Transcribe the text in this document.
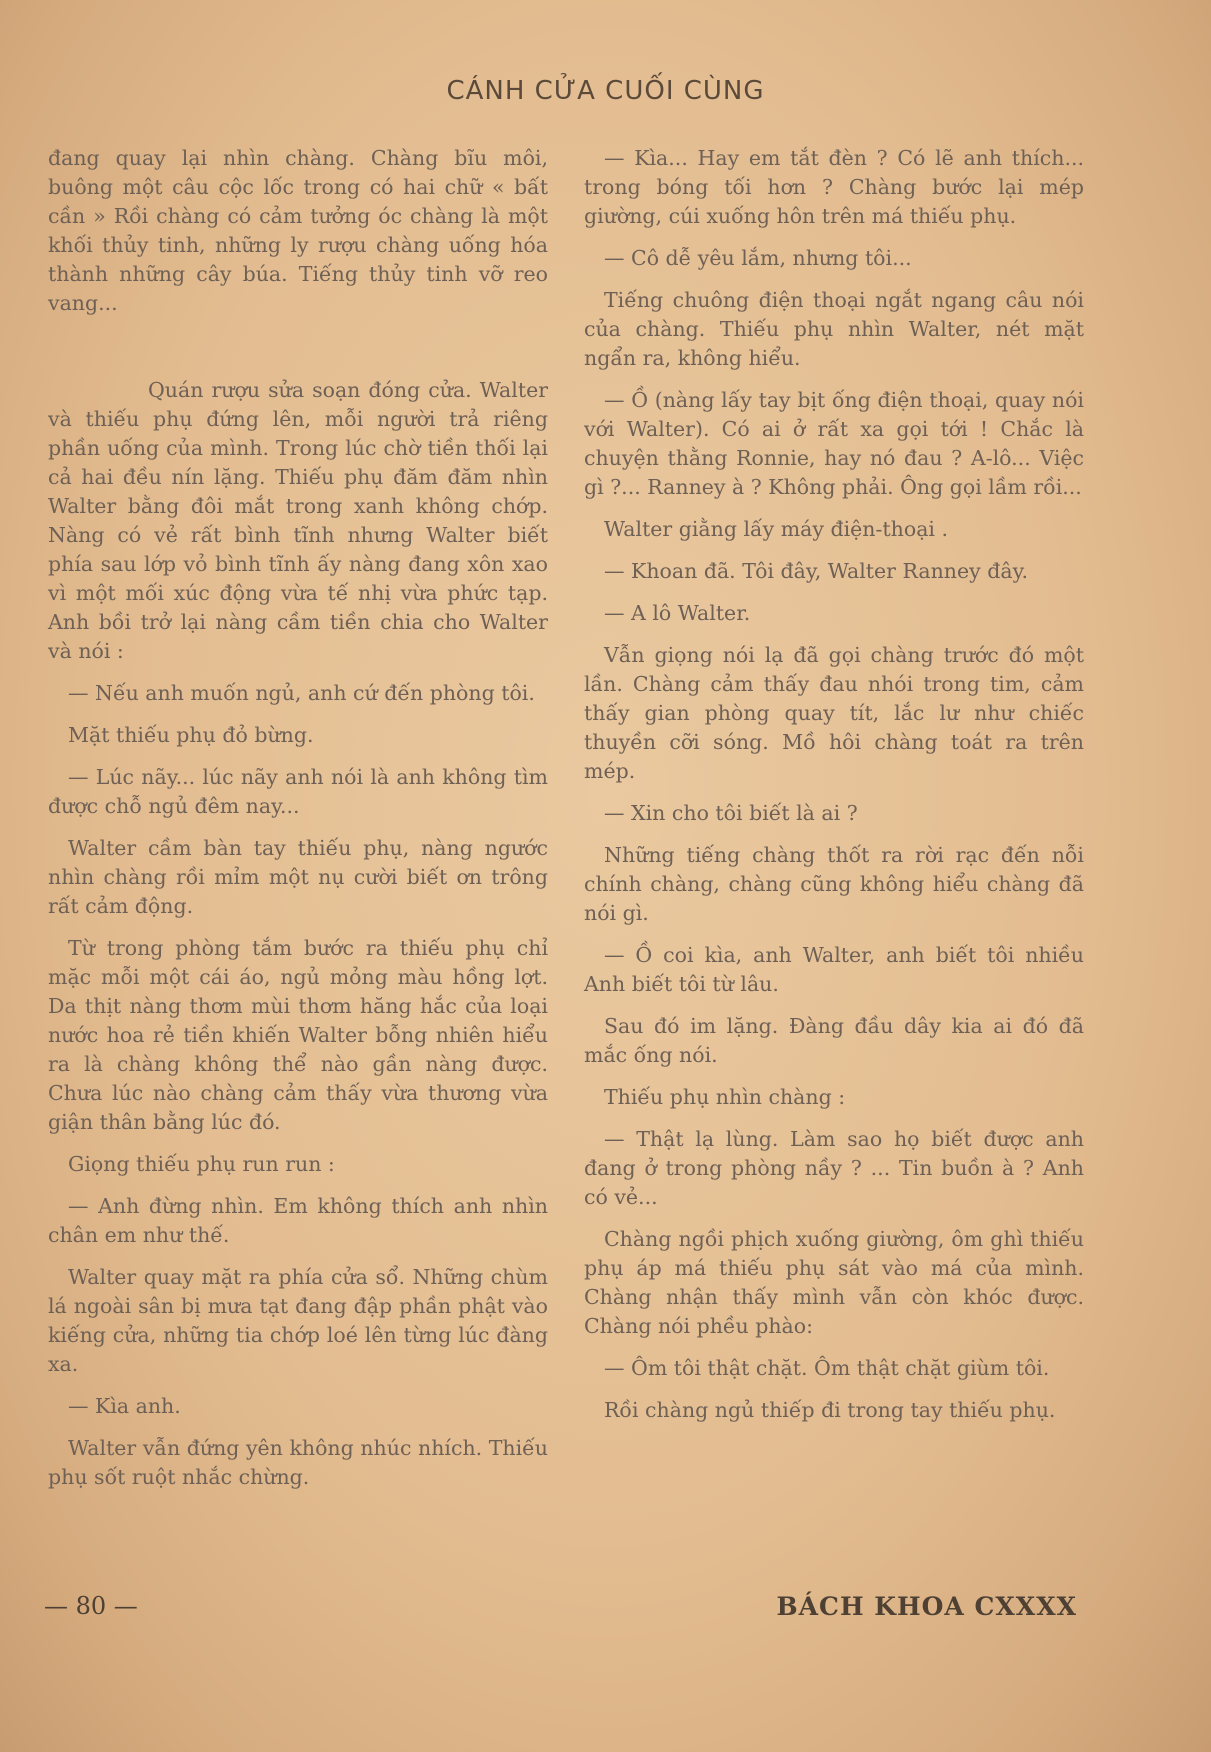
CÁNH CỬA CUỐI CÙNG

đang quay lại nhìn chàng. Chàng bĩu môi, buông một câu cộc lốc trong có hai chữ « bất cần » Rồi chàng có cảm tưởng óc chàng là một khối thủy tinh, những ly rượu chàng uống hóa thành những cây búa. Tiếng thủy tinh vỡ reo vang...

Quán rượu sửa soạn đóng cửa. Walter và thiếu phụ đứng lên, mỗi người trả riêng phần uống của mình. Trong lúc chờ tiền thối lại cả hai đều nín lặng. Thiếu phụ đăm đăm nhìn Walter bằng đôi mắt trong xanh không chớp. Nàng có vẻ rất bình tĩnh nhưng Walter biết phía sau lớp vỏ bình tĩnh ấy nàng đang xôn xao vì một mối xúc động vừa tế nhị vừa phức tạp. Anh bồi trở lại nàng cầm tiền chia cho Walter và nói :

— Nếu anh muốn ngủ, anh cứ đến phòng tôi.

Mặt thiếu phụ đỏ bừng.

— Lúc nãy... lúc nãy anh nói là anh không tìm được chỗ ngủ đêm nay...

Walter cầm bàn tay thiếu phụ, nàng ngước nhìn chàng rồi mỉm một nụ cười biết ơn trông rất cảm động.

Từ trong phòng tắm bước ra thiếu phụ chỉ mặc mỗi một cái áo, ngủ mỏng màu hồng lợt. Da thịt nàng thơm mùi thơm hăng hắc của loại nước hoa rẻ tiền khiến Walter bỗng nhiên hiểu ra là chàng không thể nào gần nàng được. Chưa lúc nào chàng cảm thấy vừa thương vừa giận thân bằng lúc đó.

Giọng thiếu phụ run run :

— Anh đừng nhìn. Em không thích anh nhìn chân em như thế.

Walter quay mặt ra phía cửa sổ. Những chùm lá ngoài sân bị mưa tạt đang đập phần phật vào kiếng cửa, những tia chớp loé lên từng lúc đàng xa.

— Kìa anh.

Walter vẫn đứng yên không nhúc nhích. Thiếu phụ sốt ruột nhắc chừng.

— Kìa... Hay em tắt đèn ? Có lẽ anh thích... trong bóng tối hơn ? Chàng bước lại mép giường, cúi xuống hôn trên má thiếu phụ.

— Cô dễ yêu lắm, nhưng tôi...

Tiếng chuông điện thoại ngắt ngang câu nói của chàng. Thiếu phụ nhìn Walter, nét mặt ngẩn ra, không hiểu.

— Ồ (nàng lấy tay bịt ống điện thoại, quay nói với Walter). Có ai ở rất xa gọi tới ! Chắc là chuyện thằng Ronnie, hay nó đau ? A-lô... Việc gì ?... Ranney à ? Không phải. Ông gọi lầm rồi...

Walter giằng lấy máy điện-thoại .

— Khoan đã. Tôi đây, Walter Ranney đây.

— A lô Walter.

Vẫn giọng nói lạ đã gọi chàng trước đó một lần. Chàng cảm thấy đau nhói trong tim, cảm thấy gian phòng quay tít, lắc lư như chiếc thuyền cỡi sóng. Mồ hôi chàng toát ra trên mép.

— Xin cho tôi biết là ai ?

Những tiếng chàng thốt ra rời rạc đến nỗi chính chàng, chàng cũng không hiểu chàng đã nói gì.

— Ồ coi kìa, anh Walter, anh biết tôi nhiều Anh biết tôi từ lâu.

Sau đó im lặng. Đàng đầu dây kia ai đó đã mắc ống nói.

Thiếu phụ nhìn chàng :

— Thật lạ lùng. Làm sao họ biết được anh đang ở trong phòng nầy ? ... Tin buồn à ? Anh có vẻ...

Chàng ngồi phịch xuống giường, ôm ghì thiếu phụ áp má thiếu phụ sát vào má của mình. Chàng nhận thấy mình vẫn còn khóc được. Chàng nói phều phào:

— Ôm tôi thật chặt. Ôm thật chặt giùm tôi.

Rồi chàng ngủ thiếp đi trong tay thiếu phụ.

— 80 —	BÁCH KHOA CXXXX
